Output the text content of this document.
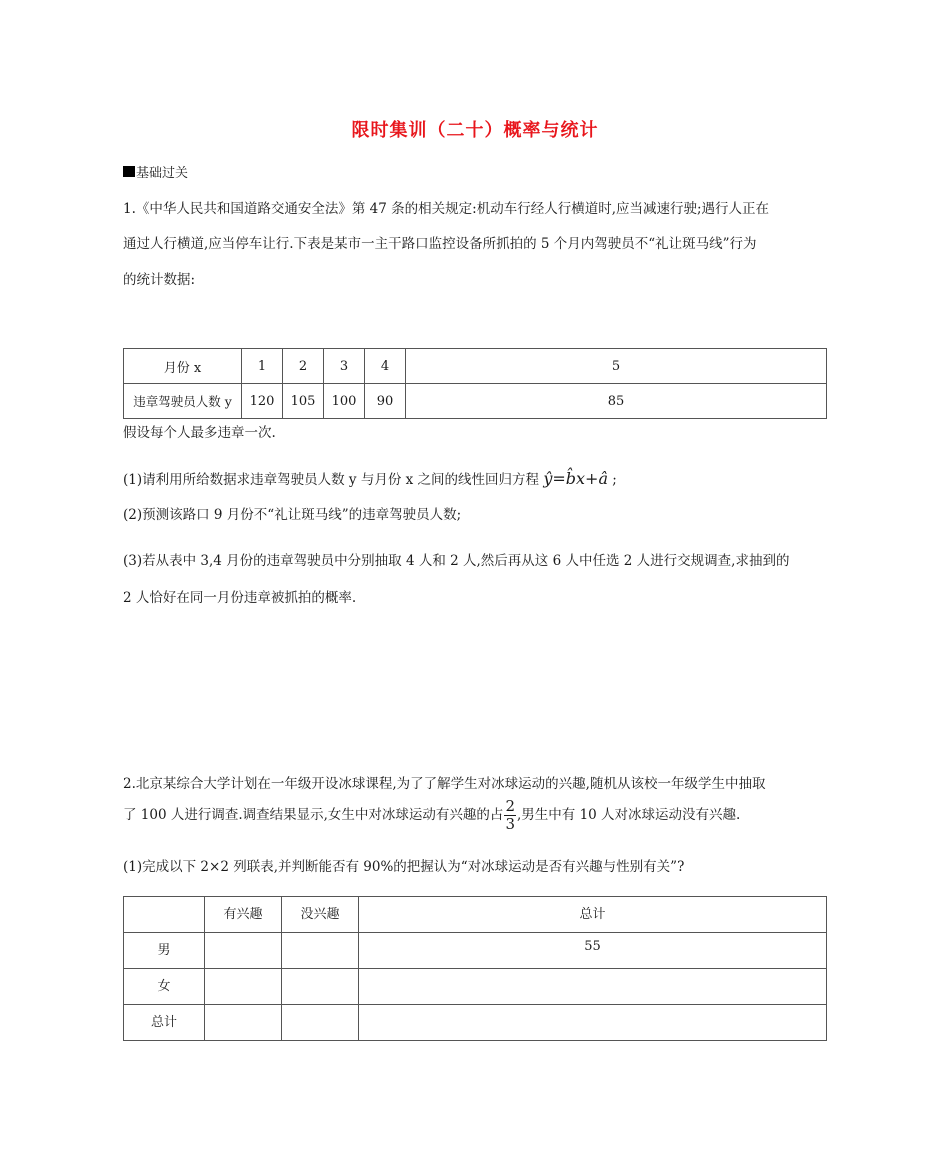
限时集训（二十）概率与统计
基础过关
1.《中华人民共和国道路交通安全法》第 47 条的相关规定:机动车行经人行横道时,应当减速行驶;遇行人正在
通过人行横道,应当停车让行.下表是某市一主干路口监控设备所抓拍的 5 个月内驾驶员不“礼让斑马线”行为
的统计数据:
月份 x	1	2	3	4	5
违章驾驶员人数 y	120	105	100	90	85
假设每个人最多违章一次.
(1)请利用所给数据求违章驾驶员人数 y 与月份 x 之间的线性回归方程 ŷ=b̂x+â ;
(2)预测该路口 9 月份不“礼让斑马线”的违章驾驶员人数;
(3)若从表中 3,4 月份的违章驾驶员中分别抽取 4 人和 2 人,然后再从这 6 人中任选 2 人进行交规调查,求抽到的
2 人恰好在同一月份违章被抓拍的概率.
2.北京某综合大学计划在一年级开设冰球课程,为了了解学生对冰球运动的兴趣,随机从该校一年级学生中抽取
了 100 人进行调查.调查结果显示,女生中对冰球运动有兴趣的占 $\frac{2}{3}$ ,男生中有 10 人对冰球运动没有兴趣.
(1)完成以下 2×2 列联表,并判断能否有 90%的把握认为“对冰球运动是否有兴趣与性别有关”?
	有兴趣	没兴趣	总计
男			55
女			
总计			
